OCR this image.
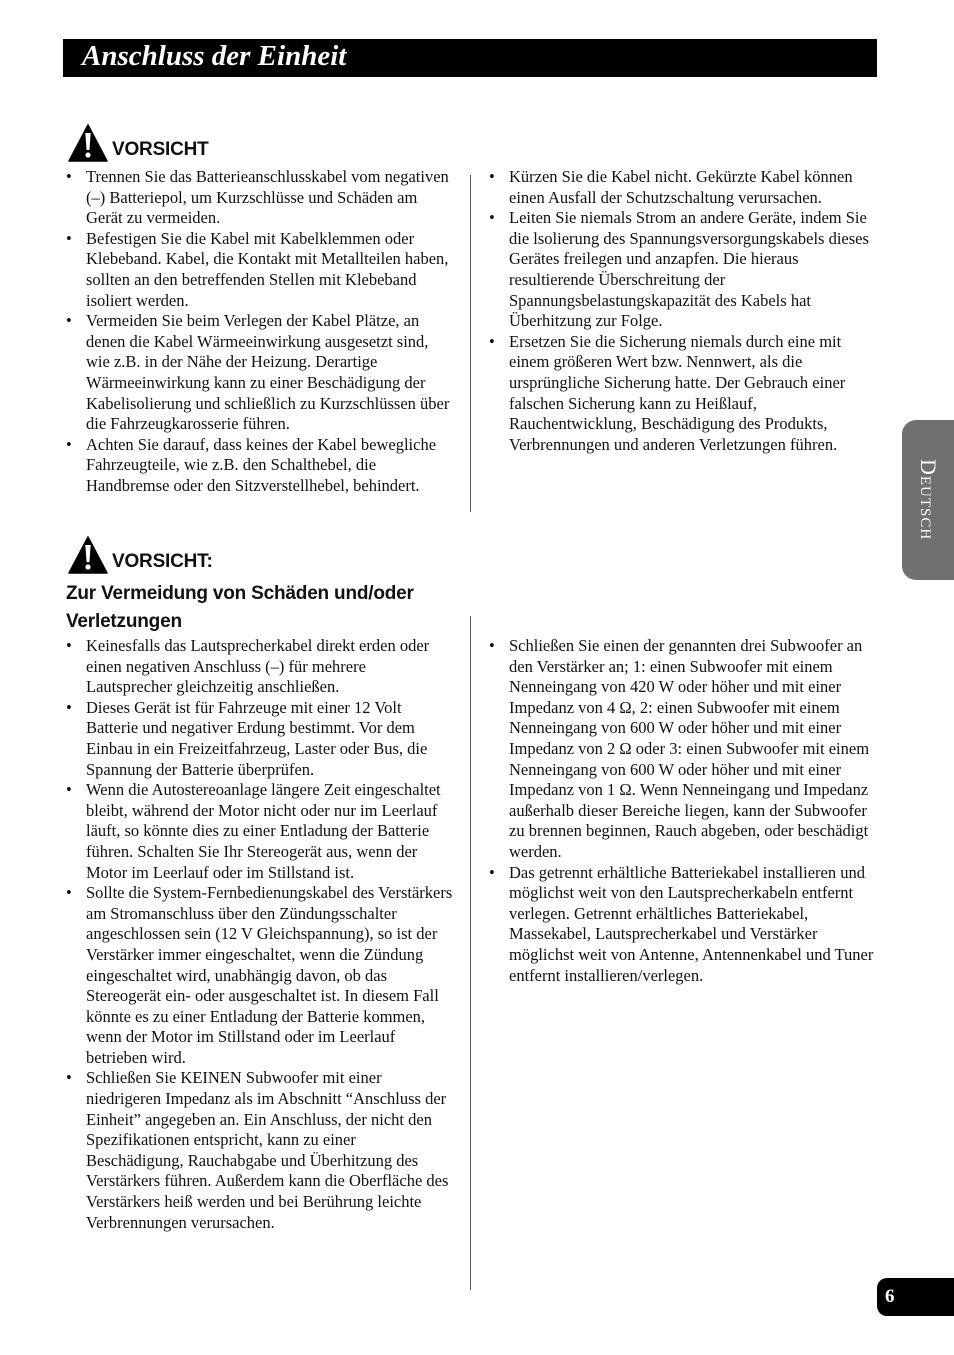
Anschluss der Einheit
VORSICHT
• Trennen Sie das Batterieanschlusskabel vom negativen (–) Batteriepol, um Kurzschlüsse und Schäden am Gerät zu vermeiden.
• Befestigen Sie die Kabel mit Kabelklemmen oder Klebeband. Kabel, die Kontakt mit Metallteilen haben, sollten an den betreffenden Stellen mit Klebeband isoliert werden.
• Vermeiden Sie beim Verlegen der Kabel Plätze, an denen die Kabel Wärmeeinwirkung ausgesetzt sind, wie z.B. in der Nähe der Heizung. Derartige Wärmeeinwirkung kann zu einer Beschädigung der Kabelisolierung und schließlich zu Kurzschlüssen über die Fahrzeugkarosserie führen.
• Achten Sie darauf, dass keines der Kabel bewegliche Fahrzeugteile, wie z.B. den Schalthebel, die Handbremse oder den Sitzverstellhebel, behindert.
• Kürzen Sie die Kabel nicht. Gekürzte Kabel können einen Ausfall der Schutzschaltung verursachen.
• Leiten Sie niemals Strom an andere Geräte, indem Sie die lsolierung des Spannungsversorgungskabels dieses Gerätes freilegen und anzapfen. Die hieraus resultierende Überschreitung der Spannungsbelastungskapazität des Kabels hat Überhitzung zur Folge.
• Ersetzen Sie die Sicherung niemals durch eine mit einem größeren Wert bzw. Nennwert, als die ursprüngliche Sicherung hatte. Der Gebrauch einer falschen Sicherung kann zu Heißlauf, Rauchentwicklung, Beschädigung des Produkts, Verbrennungen und anderen Verletzungen führen.
VORSICHT:
Zur Vermeidung von Schäden und/oder Verletzungen
• Keinesfalls das Lautsprecherkabel direkt erden oder einen negativen Anschluss (–) für mehrere Lautsprecher gleichzeitig anschließen.
• Dieses Gerät ist für Fahrzeuge mit einer 12 Volt Batterie und negativer Erdung bestimmt. Vor dem Einbau in ein Freizeitfahrzeug, Laster oder Bus, die Spannung der Batterie überprüfen.
• Wenn die Autostereoanlage längere Zeit eingeschaltet bleibt, während der Motor nicht oder nur im Leerlauf läuft, so könnte dies zu einer Entladung der Batterie führen. Schalten Sie Ihr Stereogerät aus, wenn der Motor im Leerlauf oder im Stillstand ist.
• Sollte die System-Fernbedienungskabel des Verstärkers am Stromanschluss über den Zündungsschalter angeschlossen sein (12 V Gleichspannung), so ist der Verstärker immer eingeschaltet, wenn die Zündung eingeschaltet wird, unabhängig davon, ob das Stereogerät ein- oder ausgeschaltet ist. In diesem Fall könnte es zu einer Entladung der Batterie kommen, wenn der Motor im Stillstand oder im Leerlauf betrieben wird.
• Schließen Sie KEINEN Subwoofer mit einer niedrigeren Impedanz als im Abschnitt “Anschluss der Einheit” angegeben an. Ein Anschluss, der nicht den Spezifikationen entspricht, kann zu einer Beschädigung, Rauchabgabe und Überhitzung des Verstärkers führen. Außerdem kann die Oberfläche des Verstärkers heiß werden und bei Berührung leichte Verbrennungen verursachen.
• Schließen Sie einen der genannten drei Subwoofer an den Verstärker an; 1: einen Subwoofer mit einem Nenneingang von 420 W oder höher und mit einer Impedanz von 4 Ω, 2: einen Subwoofer mit einem Nenneingang von 600 W oder höher und mit einer Impedanz von 2 Ω oder 3: einen Subwoofer mit einem Nenneingang von 600 W oder höher und mit einer Impedanz von 1 Ω. Wenn Nenneingang und Impedanz außerhalb dieser Bereiche liegen, kann der Subwoofer zu brennen beginnen, Rauch abgeben, oder beschädigt werden.
• Das getrennt erhältliche Batteriekabel installieren und möglichst weit von den Lautsprecherkabeln entfernt verlegen. Getrennt erhältliches Batteriekabel, Massekabel, Lautsprecherkabel und Verstärker möglichst weit von Antenne, Antennenkabel und Tuner entfernt installieren/verlegen.
Deutsch
6
